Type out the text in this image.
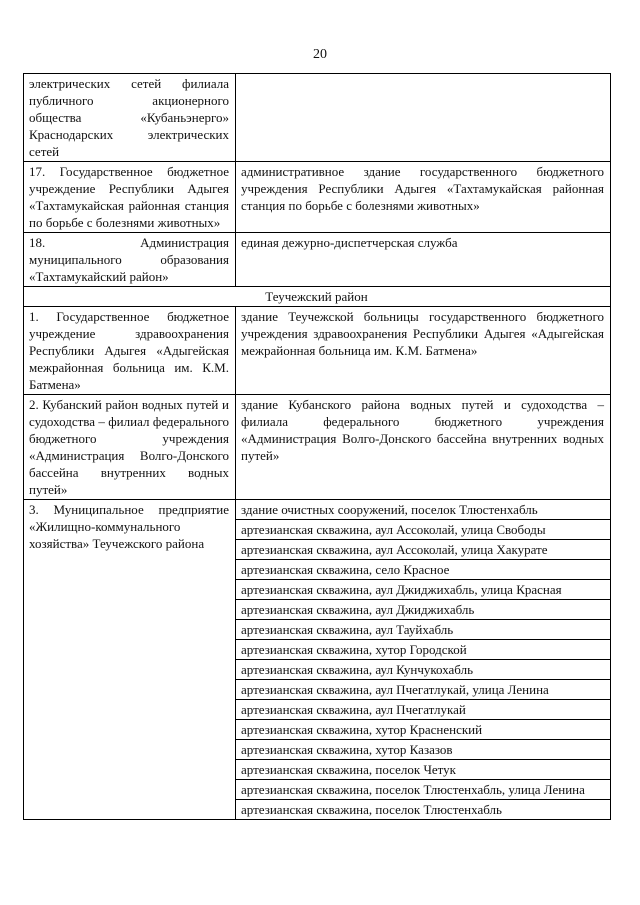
20
электрических сетей филиала публичного акционерного общества «Кубаньэнерго» Краснодарских электрических сетей	
17. Государственное бюджетное учреждение Республики Адыгея «Тахтамукайская районная станция по борьбе с болезнями животных»	административное здание государственного бюджетного учреждения Республики Адыгея «Тахтамукайская районная станция по борьбе с болезнями животных»
18. Администрация муниципального образования «Тахтамукайский район»	единая дежурно-диспетчерская служба
Теучежский район	
1. Государственное бюджетное учреждение здравоохранения Республики Адыгея «Адыгейская межрайонная больница им. К.М. Батмена»	здание Теучежской больницы государственного бюджетного учреждения здравоохранения Республики Адыгея «Адыгейская межрайонная больница им. К.М. Батмена»
2. Кубанский район водных путей и судоходства – филиал федерального бюджетного учреждения «Администрация Волго-Донского бассейна внутренних водных путей»	здание Кубанского района водных путей и судоходства – филиала федерального бюджетного учреждения «Администрация Волго-Донского бассейна внутренних водных путей»
3. Муниципальное предприятие «Жилищно-коммунального хозяйства» Теучежского района	здание очистных сооружений, поселок Тлюстенхабль
	артезианская скважина, аул Ассоколай, улица Свободы
	артезианская скважина, аул Ассоколай, улица Хакурате
	артезианская скважина, село Красное
	артезианская скважина, аул Джиджихабль, улица Красная
	артезианская скважина, аул Джиджихабль
	артезианская скважина, аул Тауйхабль
	артезианская скважина, хутор Городской
	артезианская скважина, аул Кунчукохабль
	артезианская скважина, аул Пчегатлукай, улица Ленина
	артезианская скважина, аул Пчегатлукай
	артезианская скважина, хутор Красненский
	артезианская скважина, хутор Казазов
	артезианская скважина, поселок Четук
	артезианская скважина, поселок Тлюстенхабль, улица Ленина
	артезианская скважина, поселок Тлюстенхабль
